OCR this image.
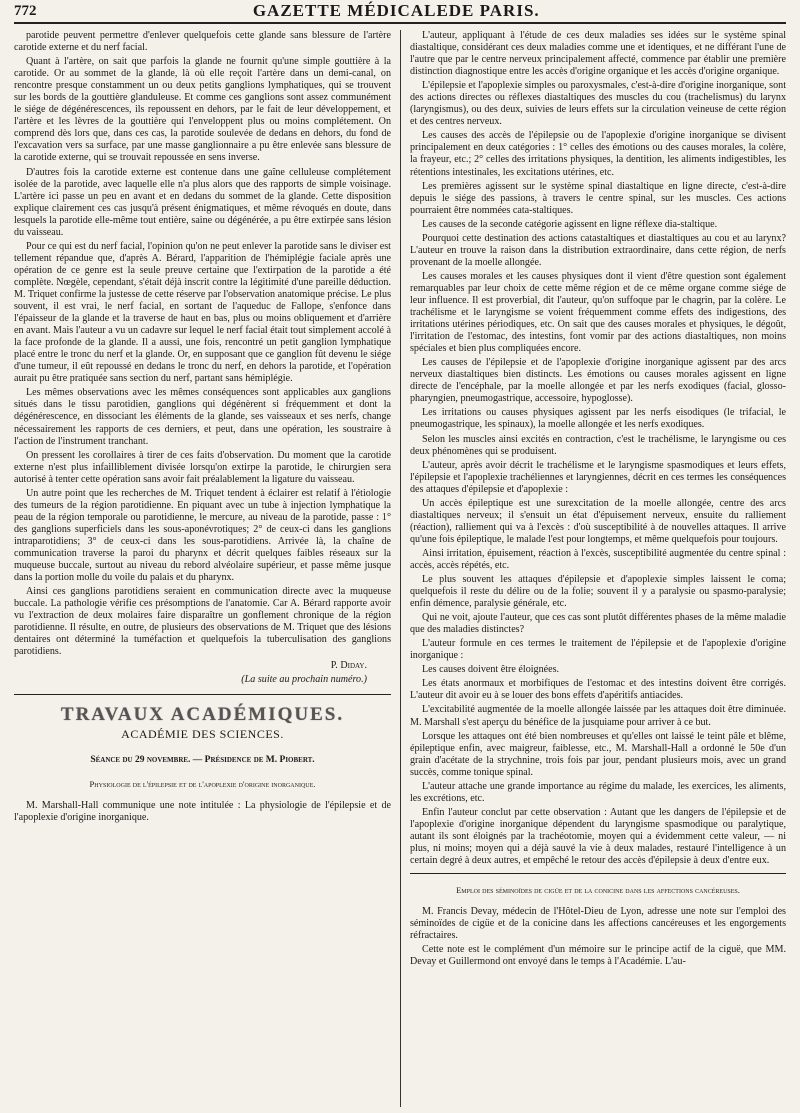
772	GAZETTE MÉDICALEDE PARIS.

parotide peuvent permettre d'enlever quelquefois cette glande sans blessure de l'artère carotide externe et du nerf facial.

Quant à l'artère, on sait que parfois la glande ne fournit qu'une simple gouttière à la carotide. Or au sommet de la glande, là où elle reçoit l'artère dans un demi-canal, on rencontre presque constamment un ou deux petits ganglions lymphatiques, qui se trouvent sur les bords de la gouttière glanduleuse. Et comme ces ganglions sont assez communément le siége de dégénérescences, ils repoussent en dehors, par le fait de leur développement, et l'artère et les lèvres de la gouttière qui l'enveloppent plus ou moins complétement. On comprend dès lors que, dans ces cas, la parotide soulevée de dedans en dehors, du fond de l'excavation vers sa surface, par une masse ganglionnaire a pu être enlevée sans blessure de la carotide externe, qui se trouvait repoussée en sens inverse.

D'autres fois la carotide externe est contenue dans une gaîne celluleuse complétement isolée de la parotide, avec laquelle elle n'a plus alors que des rapports de simple voisinage. L'artère ici passe un peu en avant et en dedans du sommet de la glande. Cette disposition explique clairement ces cas jusqu'à présent énigmatiques, et même révoqués en doute, dans lesquels la parotide elle-même tout entière, saine ou dégénérée, a pu être extirpée sans lésion du vaisseau.

Pour ce qui est du nerf facial, l'opinion qu'on ne peut enlever la parotide sans le diviser est tellement répandue que, d'après A. Bérard, l'apparition de l'hémiplégie faciale après une opération de ce genre est la seule preuve certaine que l'extirpation de la parotide a été complète. Nœgèle, cependant, s'était déjà inscrit contre la légitimité d'une pareille déduction. M. Triquet confirme la justesse de cette réserve par l'observation anatomique précise. Le plus souvent, il est vrai, le nerf facial, en sortant de l'aqueduc de Fallope, s'enfonce dans l'épaisseur de la glande et la traverse de haut en bas, plus ou moins obliquement et d'arrière en avant. Mais l'auteur a vu un cadavre sur lequel le nerf facial était tout simplement accolé à la face profonde de la glande. Il a aussi, une fois, rencontré un petit ganglion lymphatique placé entre le tronc du nerf et la glande. Or, en supposant que ce ganglion fût devenu le siége d'une tumeur, il eût repoussé en dedans le tronc du nerf, en dehors la parotide, et l'opération aurait pu être pratiquée sans section du nerf, partant sans hémiplégie.

Les mêmes observations avec les mêmes conséquences sont applicables aux ganglions situés dans le tissu parotidien, ganglions qui dégénèrent si fréquemment et dont la dégénérescence, en dissociant les éléments de la glande, ses vaisseaux et ses nerfs, change nécessairement les rapports de ces derniers, et peut, dans une opération, les soustraire à l'action de l'instrument tranchant.

On pressent les corollaires à tirer de ces faits d'observation. Du moment que la carotide externe n'est plus infailliblement divisée lorsqu'on extirpe la parotide, le chirurgien sera autorisé à tenter cette opération sans avoir fait préalablement la ligature du vaisseau.

Un autre point que les recherches de M. Triquet tendent à éclairer est relatif à l'étiologie des tumeurs de la région parotidienne. En piquant avec un tube à injection lymphatique la peau de la région temporale ou parotidienne, le mercure, au niveau de la parotide, passe : 1° des ganglions superficiels dans les sous-aponévrotiques; 2° de ceux-ci dans les ganglions intraparotidiens; 3° de ceux-ci dans les sous-parotidiens. Arrivée là, la chaîne de communication traverse la paroi du pharynx et décrit quelques faibles réseaux sur la muqueuse buccale, surtout au niveau du rebord alvéolaire supérieur, et passe même jusque dans la portion molle du voile du palais et du pharynx.

Ainsi ces ganglions parotidiens seraient en communication directe avec la muqueuse buccale. La pathologie vérifie ces présomptions de l'anatomie. Car A. Bérard rapporte avoir vu l'extraction de deux molaires faire disparaître un gonflement chronique de la région parotidienne. Il résulte, en outre, de plusieurs des observations de M. Triquet que des lésions dentaires ont déterminé la tuméfaction et quelquefois la tuberculisation des ganglions parotidiens.

P. Diday.

(La suite au prochain numéro.)

TRAVAUX ACADÉMIQUES.
ACADÉMIE DES SCIENCES.
Séance du 29 novembre. — Présidence de M. Piobert.
Physiologie de l'épilepsie et de l'apoplexie d'origine inorganique.

M. Marshall-Hall communique une note intitulée : La physiologie de l'épilepsie et de l'apoplexie d'origine inorganique.

L'auteur, appliquant à l'étude de ces deux maladies ses idées sur le système spinal diastaltique, considérant ces deux maladies comme une et identiques, et ne différant l'une de l'autre que par le centre nerveux principalement affecté, commence par établir une première distinction diagnostique entre les accès d'origine organique et les accès d'origine organique.

L'épilepsie et l'apoplexie simples ou paroxysmales, c'est-à-dire d'origine inorganique, sont des actions directes ou réflexes diastaltiques des muscles du cou (trachelismus) du larynx (laryngismus), ou des deux, suivies de leurs effets sur la circulation veineuse de cette région et des centres nerveux.

Les causes des accès de l'épilepsie ou de l'apoplexie d'origine inorganique se divisent principalement en deux catégories : 1° celles des émotions ou des causes morales, la colère, la frayeur, etc.; 2° celles des irritations physiques, la dentition, les aliments indigestibles, les rétentions intestinales, les excitations utérines, etc.

Les premières agissent sur le système spinal diastaltique en ligne directe, c'est-à-dire depuis le siége des passions, à travers le centre spinal, sur les muscles. Ces actions pourraient être nommées cata-staltiques.

Les causes de la seconde catégorie agissent en ligne réflexe dia-staltique.

Pourquoi cette destination des actions catastaltiques et diastaltiques au cou et au larynx? L'auteur en trouve la raison dans la distribution extraordinaire, dans cette région, de nerfs provenant de la moelle allongée.

Les causes morales et les causes physiques dont il vient d'être question sont également remarquables par leur choix de cette même région et de ce même organe comme siége de leur influence. Il est proverbial, dit l'auteur, qu'on suffoque par le chagrin, par la colère. Le trachélisme et le laryngisme se voient fréquemment comme effets des indigestions, des irritations utérines périodiques, etc. On sait que des causes morales et physiques, le dégoût, l'irritation de l'estomac, des intestins, font vomir par des actions diastaltiques, non moins spéciales et bien plus compliquées encore.

Les causes de l'épilepsie et de l'apoplexie d'origine inorganique agissent par des arcs nerveux diastaltiques bien distincts. Les émotions ou causes morales agissent en ligne directe de l'encéphale, par la moelle allongée et par les nerfs exodiques (facial, glosso-pharyngien, pneumogastrique, accessoire, hypoglosse).

Les irritations ou causes physiques agissent par les nerfs eisodiques (le trifacial, le pneumogastrique, les spinaux), la moelle allongée et les nerfs exodiques.

Selon les muscles ainsi excités en contraction, c'est le trachélisme, le laryngisme ou ces deux phénomènes qui se produisent.

L'auteur, après avoir décrit le trachélisme et le laryngisme spasmodiques et leurs effets, l'épilepsie et l'apoplexie trachéliennes et laryngiennes, décrit en ces termes les conséquences des attaques d'épilepsie et d'apoplexie :

Un accès épileptique est une surexcitation de la moelle allongée, centre des arcs diastaltiques nerveux; il s'ensuit un état d'épuisement nerveux, ensuite du ralliement (réaction), ralliement qui va à l'excès : d'où susceptibilité à de nouvelles attaques. Il arrive qu'une fois épileptique, le malade l'est pour longtemps, et même quelquefois pour toujours.

Ainsi irritation, épuisement, réaction à l'excès, susceptibilité augmentée du centre spinal : accès, accès répétés, etc.

Le plus souvent les attaques d'épilepsie et d'apoplexie simples laissent le coma; quelquefois il reste du délire ou de la folie; souvent il y a paralysie ou spasmo-paralysie; enfin démence, paralysie générale, etc.

Qui ne voit, ajoute l'auteur, que ces cas sont plutôt différentes phases de la même maladie que des maladies distinctes?

L'auteur formule en ces termes le traitement de l'épilepsie et de l'apoplexie d'origine inorganique :

Les causes doivent être éloignées.

Les états anormaux et morbifiques de l'estomac et des intestins doivent être corrigés. L'auteur dit avoir eu à se louer des bons effets d'apéritifs antiacides.

L'excitabilité augmentée de la moelle allongée laissée par les attaques doit être diminuée. M. Marshall s'est aperçu du bénéfice de la jusquiame pour arriver à ce but.

Lorsque les attaques ont été bien nombreuses et qu'elles ont laissé le teint pâle et blême, épileptique enfin, avec maigreur, faiblesse, etc., M. Marshall-Hall a ordonné le 50e d'un grain d'acétate de la strychnine, trois fois par jour, pendant plusieurs mois, avec un grand succès, comme tonique spinal.

L'auteur attache une grande importance au régime du malade, les exercices, les aliments, les excrétions, etc.

Enfin l'auteur conclut par cette observation : Autant que les dangers de l'épilepsie et de l'apoplexie d'origine inorganique dépendent du laryngisme spasmodique ou paralytique, autant ils sont éloignés par la trachéotomie, moyen qui a évidemment cette valeur, — ni plus, ni moins; moyen qui a déjà sauvé la vie à deux malades, restauré l'intelligence à un certain degré à deux autres, et empêché le retour des accès d'épilepsie à deux d'entre eux.

Emploi des séminoïdes de cigüe et de la conicine dans les affections cancéreuses.

M. Francis Devay, médecin de l'Hôtel-Dieu de Lyon, adresse une note sur l'emploi des séminoïdes de cigüe et de la conicine dans les affections cancéreuses et les engorgements réfractaires.

Cette note est le complément d'un mémoire sur le principe actif de la ciguë, que MM. Devay et Guillermond ont envoyé dans le temps à l'Académie. L'au-
